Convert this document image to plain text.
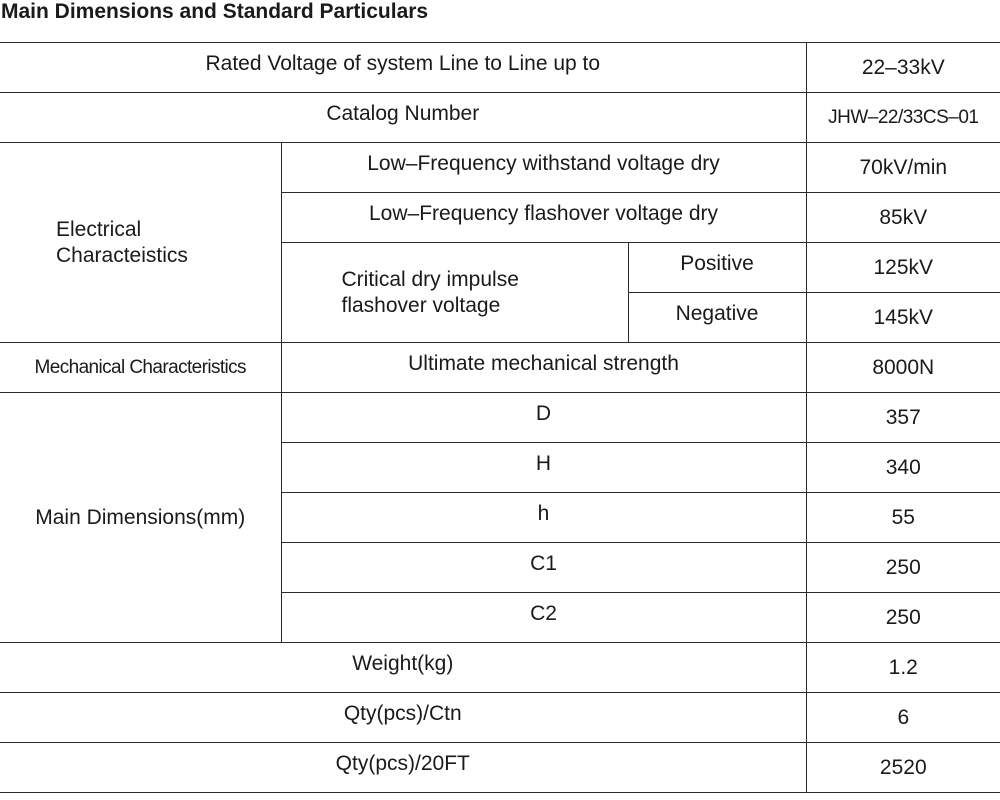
Main Dimensions and Standard Particulars
Rated Voltage of system Line to Line up to			22–33kV
Catalog Number			JHW–22/33CS–01

Electrical
Characteistics	Low–Frequency withstand voltage dry		70kV/min
	Low–Frequency flashover voltage dry		85kV

	Critical dry impulse
flashover voltage	Positive	125kV
		Negative	145kV
Mechanical Characteristics	Ultimate mechanical strength		8000N
Main Dimensions(mm)	D		357
	H		340
	h		55
	C1		250
	C2		250
Weight(kg)			1.2
Qty(pcs)/Ctn			6
Qty(pcs)/20FT			2520
